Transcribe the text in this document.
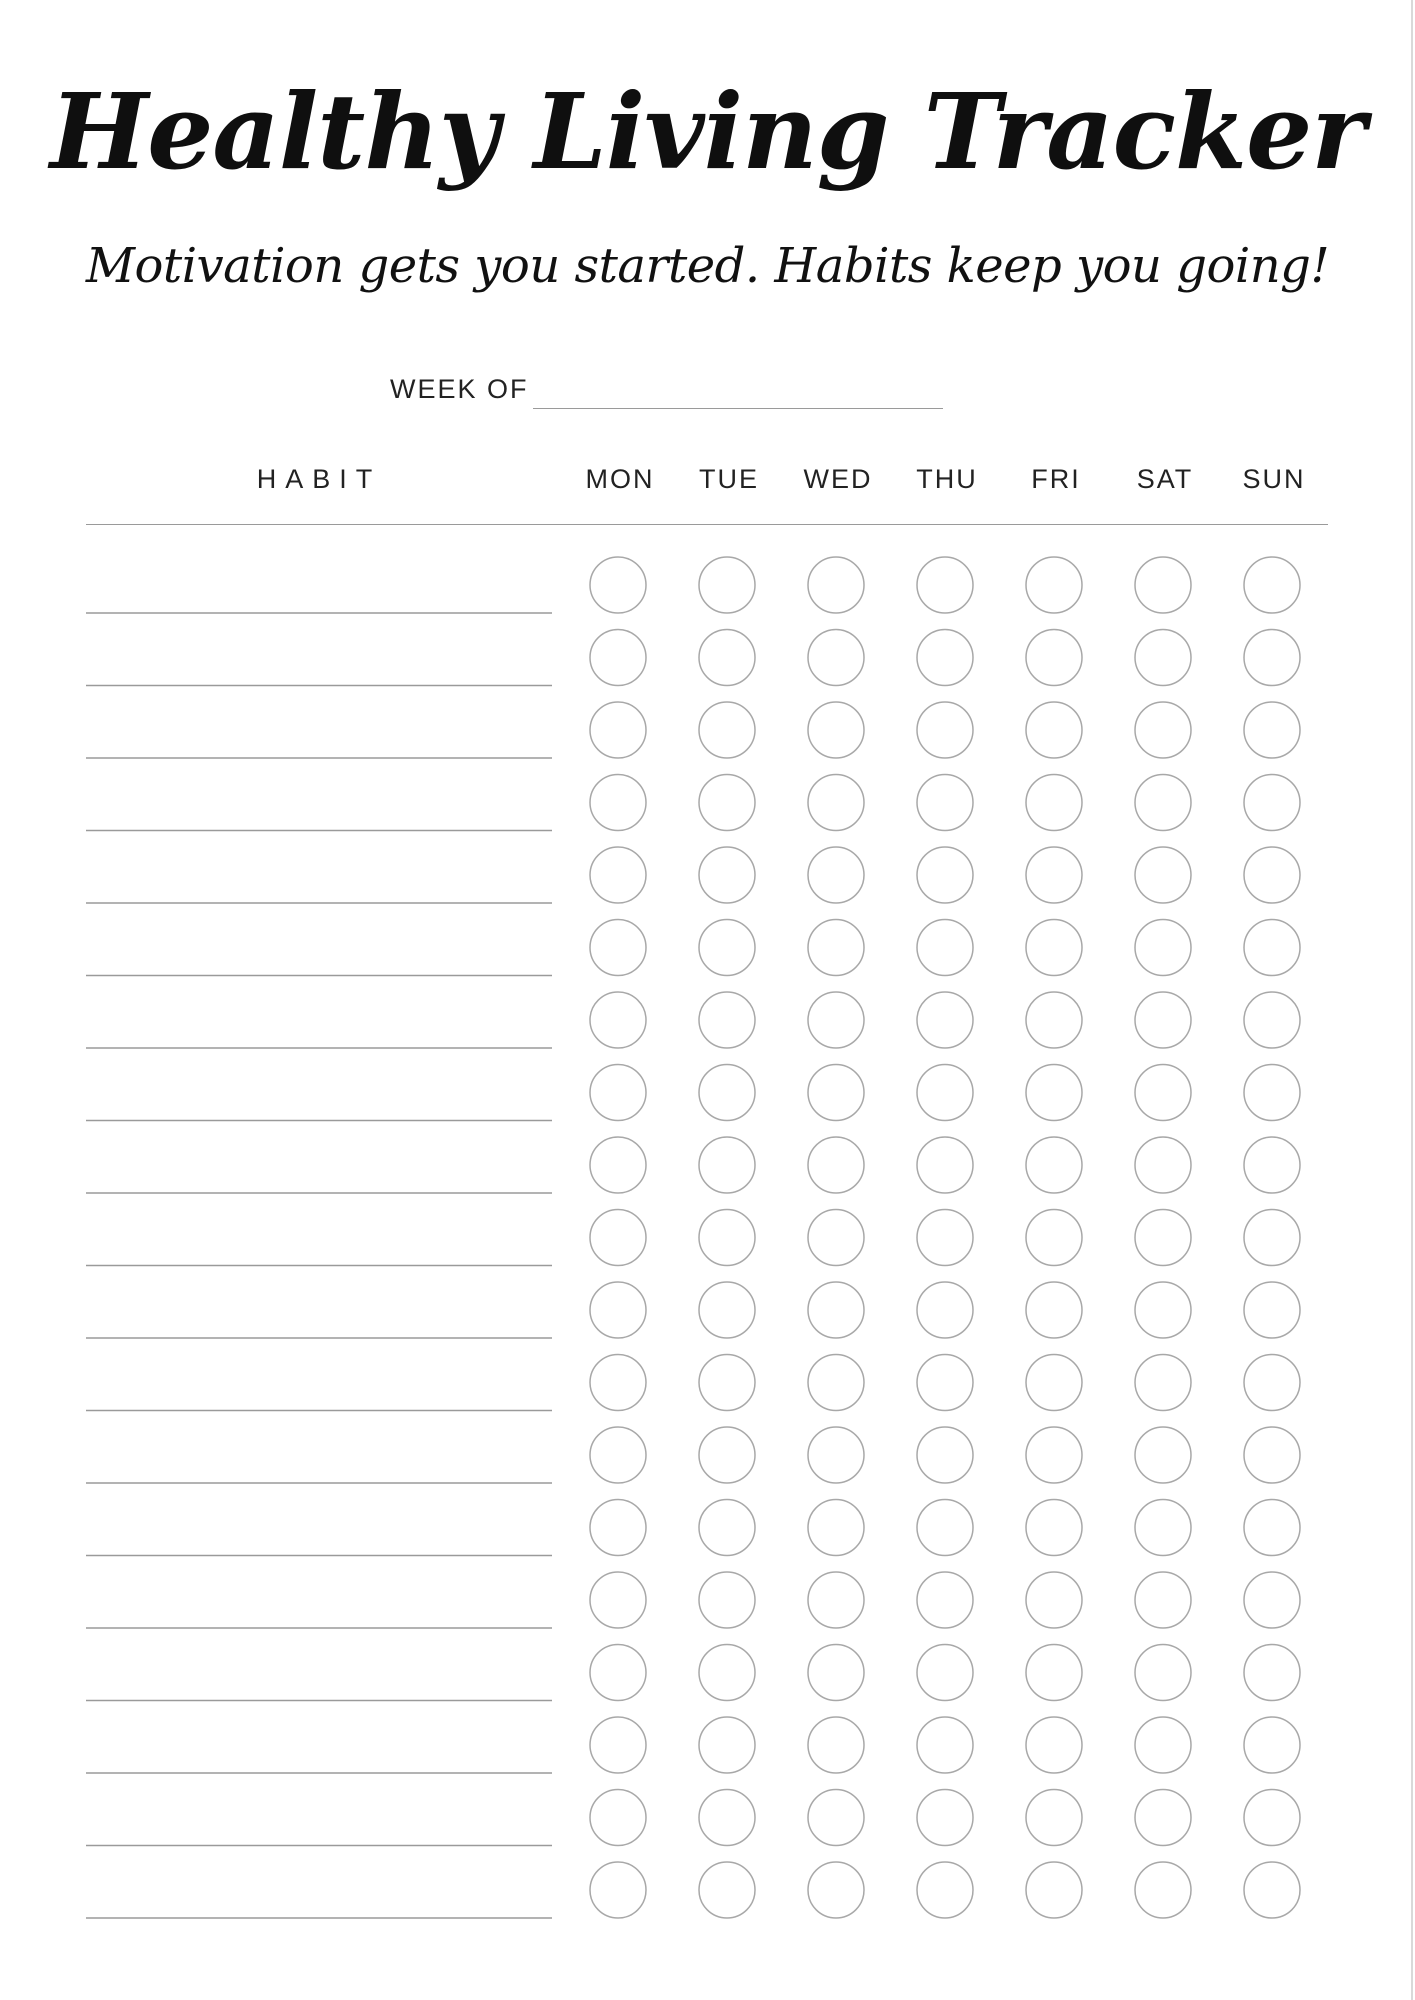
Healthy Living Tracker
Motivation gets you started. Habits keep you going!
WEEK OF
HABIT	MON	TUE	WED	THU	FRI	SAT	SUN
